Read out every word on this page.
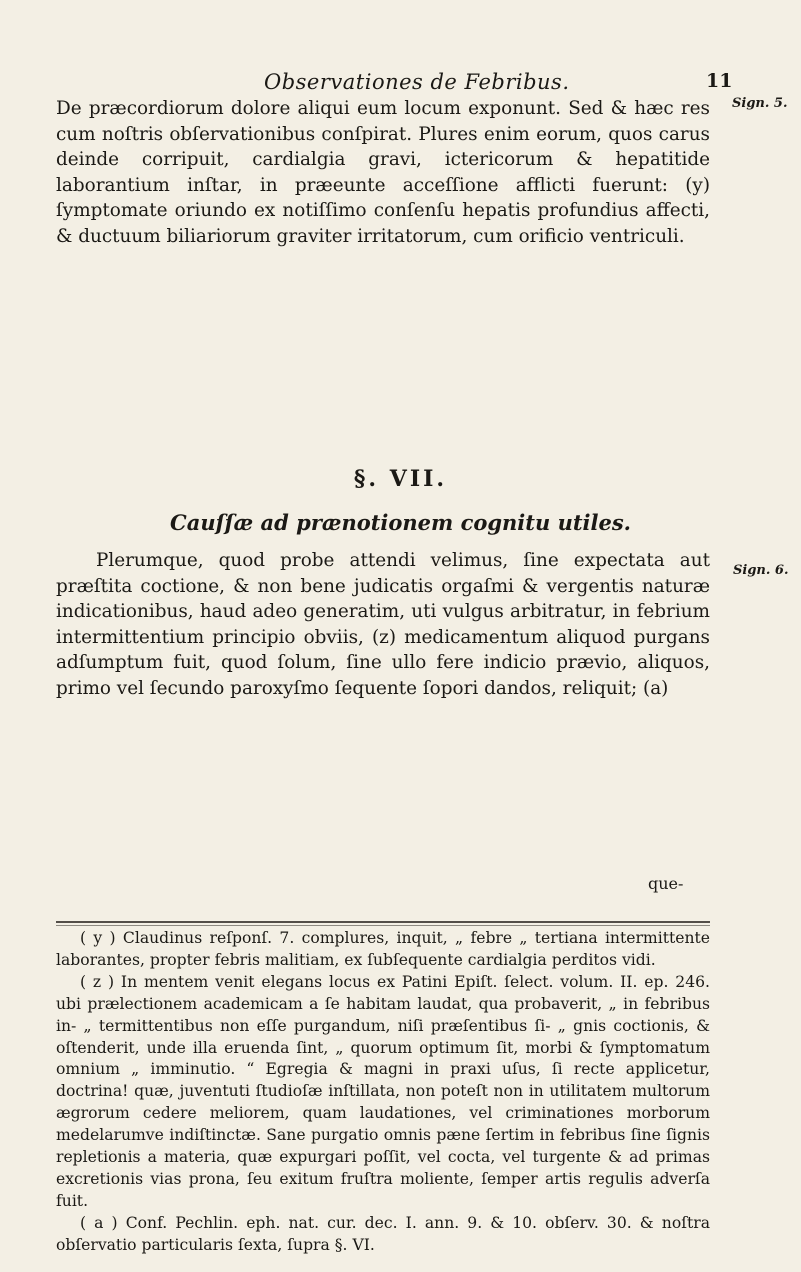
Observationes de Febribus.	11
Sign. 5.

De præcordiorum dolore aliqui eum locum exponunt. Sed & hæc res cum noſtris obſervationibus conſpirat. Plures enim eorum, quos carus deinde corripuit, cardialgia gravi, ictericorum & hepatitide laborantium inſtar, in præeunte acceſſione afflicti fuerunt: (y) ſymptomate oriundo ex notiſſimo conſenſu hepatis profundius affecti, & ductuum biliariorum graviter irritatorum, cum orificio ventriculi.

§. VII.
Cauſſæ ad prænotionem cognitu utiles.
Sign. 6.

Plerumque, quod probe attendi velimus, ſine expectata aut præſtita coctione, & non bene judicatis orgaſmi & vergentis naturæ indicationibus, haud adeo generatim, uti vulgus arbitratur, in febrium intermittentium principio obviis, (z) medicamentum aliquod purgans adſumptum fuit, quod ſolum, ſine ullo fere indicio prævio, aliquos, primo vel ſecundo paroxyſmo ſequente ſopori dandos, reliquit; (a)

que-

( y ) Claudinus reſponſ. 7. complures, inquit, „ febre „ tertiana intermittente laborantes, propter febris malitiam, ex ſubſequente cardialgia perditos vidi.

( z ) In mentem venit elegans locus ex Patini Epiſt. ſelect. volum. II. ep. 246. ubi prælectionem academicam a ſe habitam laudat, qua probaverit, „ in febribus in- „ termittentibus non eſſe purgandum, niſi præſentibus ſi- „ gnis coctionis, & oſtenderit, unde illa eruenda ſint, „ quorum optimum ſit, morbi & ſymptomatum omnium „ imminutio. “ Egregia & magni in praxi uſus, ſi recte applicetur, doctrina! quæ, juventuti ſtudioſæ inſtillata, non poteſt non in utilitatem multorum ægrorum cedere meliorem, quam laudationes, vel criminationes morborum medelarumve indiſtinctæ. Sane purgatio omnis pæne ſertim in febribus ſine ſignis repletionis a materia, quæ expurgari poſſit, vel cocta, vel turgente & ad primas excretionis vias prona, ſeu exitum fruſtra moliente, ſemper artis regulis adverſa fuit.

( a ) Conf. Pechlin. eph. nat. cur. dec. I. ann. 9. & 10. obſerv. 30. & noſtra obſervatio particularis ſexta, ſupra §. VI.
